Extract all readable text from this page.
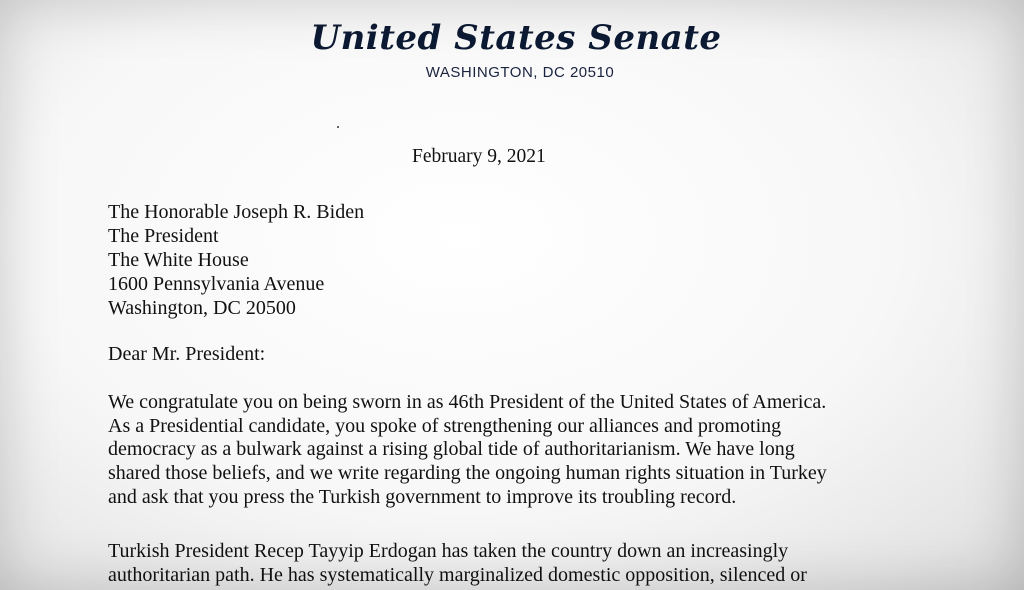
United States Senate
WASHINGTON, DC 20510
February 9, 2021
The Honorable Joseph R. Biden
The President
The White House
1600 Pennsylvania Avenue
Washington, DC 20500
Dear Mr. President:
We congratulate you on being sworn in as 46th President of the United States of America.
As a Presidential candidate, you spoke of strengthening our alliances and promoting
democracy as a bulwark against a rising global tide of authoritarianism. We have long
shared those beliefs, and we write regarding the ongoing human rights situation in Turkey
and ask that you press the Turkish government to improve its troubling record.
Turkish President Recep Tayyip Erdogan has taken the country down an increasingly
authoritarian path. He has systematically marginalized domestic opposition, silenced or
